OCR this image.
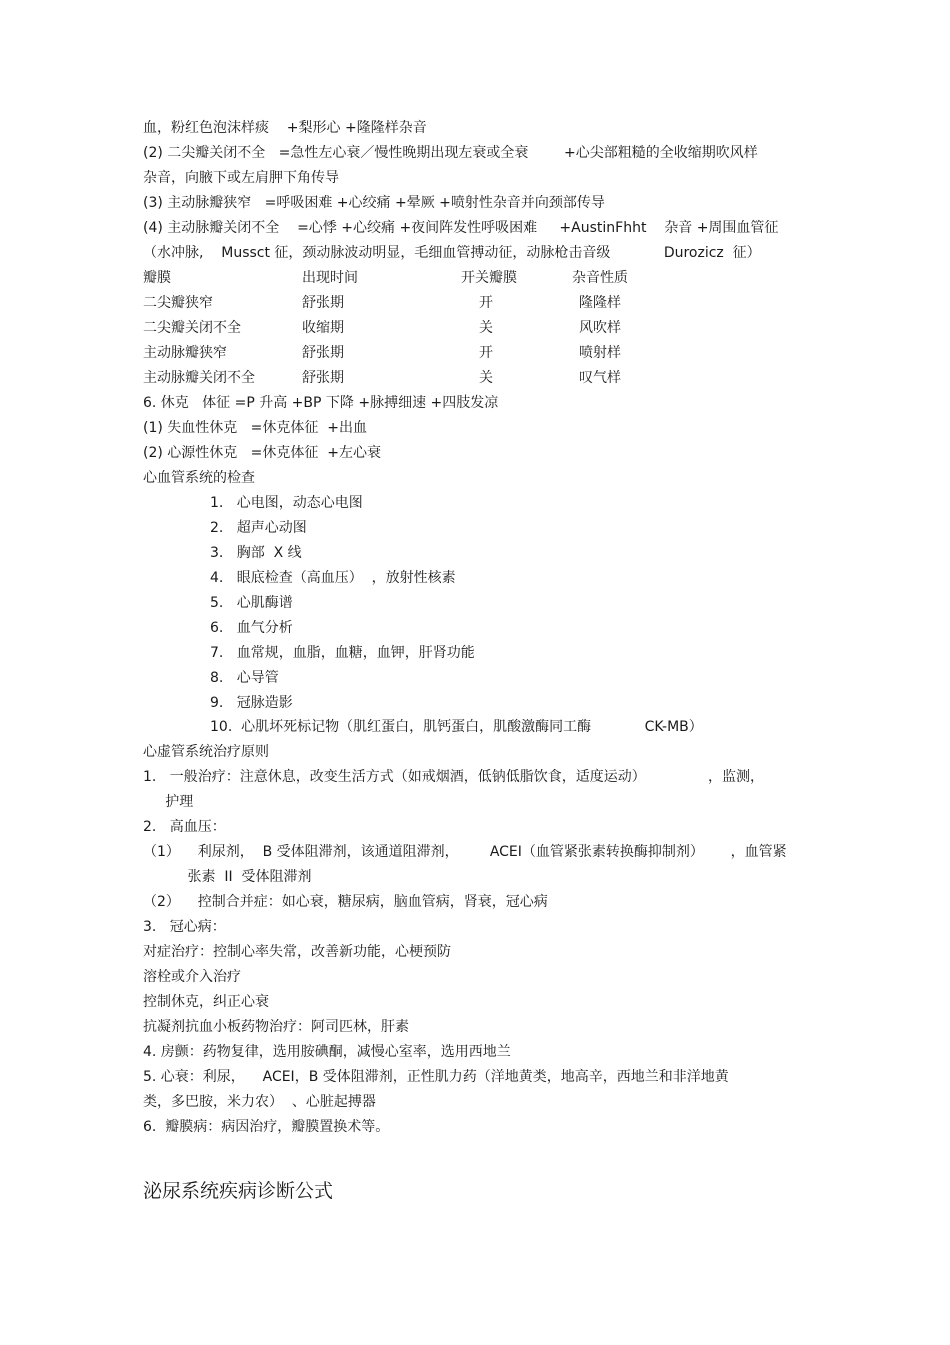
血，粉红色泡沫样痰    +梨形心 +隆隆样杂音
(2) 二尖瓣关闭不全   =急性左心衰／慢性晚期出现左衰或全衰        +心尖部粗糙的全收缩期吹风样
杂音，向腋下或左肩胛下角传导
(3) 主动脉瓣狭窄   =呼吸困难 +心绞痛 +晕厥 +喷射性杂音并向颈部传导
(4) 主动脉瓣关闭不全    =心悸 +心绞痛 +夜间阵发性呼吸困难     +AustinFhht    杂音 +周围血管征
（水冲脉,    Mussct 征，颈动脉波动明显，毛细血管搏动征，动脉枪击音级            Durozicz  征）
瓣膜	出现时间	开关瓣膜	杂音性质
二尖瓣狭窄	舒张期	开	隆隆样
二尖瓣关闭不全	收缩期	关	风吹样
主动脉瓣狭窄	舒张期	开	喷射样
主动脉瓣关闭不全	舒张期	关	叹气样
6. 休克   体征 =P 升高 +BP 下降 +脉搏细速 +四肢发凉
(1) 失血性休克   =休克体征  +出血
(2) 心源性休克   =休克体征  +左心衰
心血管系统的检查
1.   心电图，动态心电图
2.   超声心动图
3.   胸部  X 线
4.   眼底检查（高血压）  ，放射性核素
5.   心肌酶谱
6.   血气分析
7.   血常规，血脂，血糖，血钾，肝肾功能
8.   心导管
9.   冠脉造影
10.  心肌坏死标记物（肌红蛋白，肌钙蛋白，肌酸激酶同工酶            CK-MB）
心虚管系统治疗原则
1.   一般治疗：注意休息，改变生活方式（如戒烟酒，低钠低脂饮食，适度运动）              ，监测，
护理
2.   高血压：
（1）    利尿剂，  B 受体阻滞剂，该通道阻滞剂，       ACEI（血管紧张素转换酶抑制剂）      ，血管紧
张素  II  受体阻滞剂
（2）    控制合并症：如心衰，糖尿病，脑血管病，肾衰，冠心病
3.   冠心病：
对症治疗：控制心率失常，改善新功能，心梗预防
溶栓或介入治疗
控制休克，纠正心衰
抗凝剂抗血小板药物治疗：阿司匹林，肝素
4. 房颤：药物复律，选用胺碘酮，减慢心室率，选用西地兰
5. 心衰：利尿，    ACEI，B 受体阻滞剂，正性肌力药（洋地黄类，地高辛，西地兰和非洋地黄
类，多巴胺，米力农）  、心脏起搏器
6.  瓣膜病：病因治疗，瓣膜置换术等。
泌尿系统疾病诊断公式
